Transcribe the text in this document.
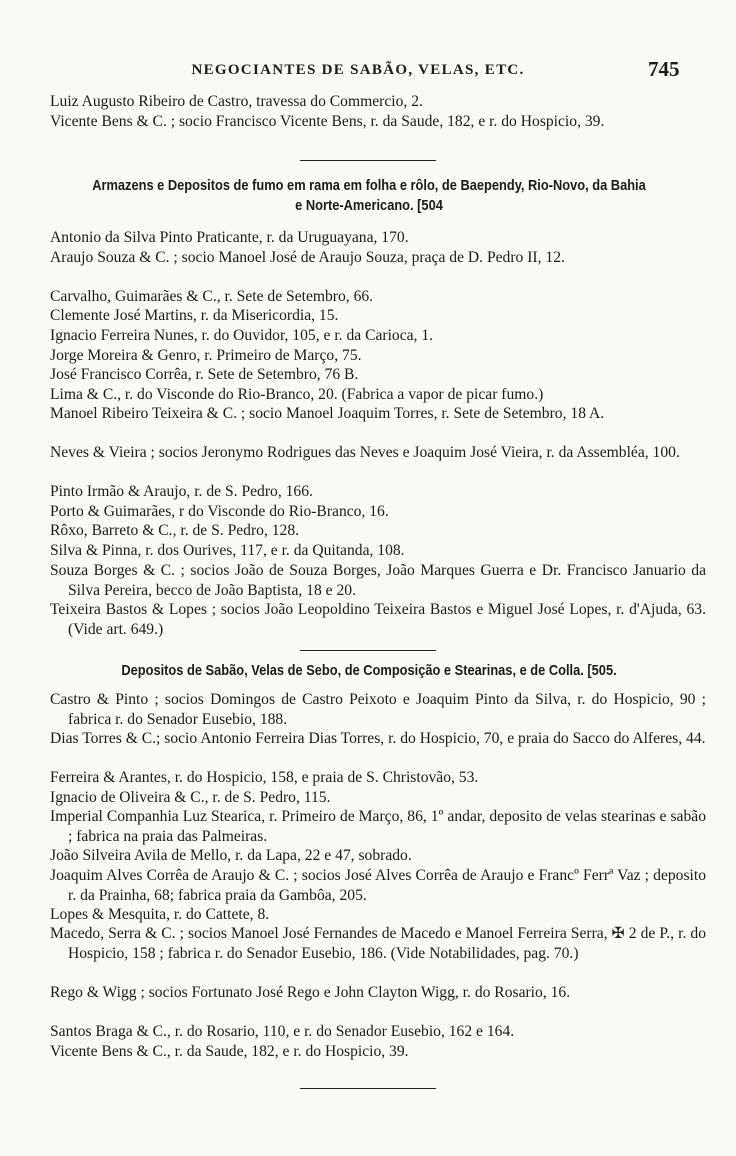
NEGOCIANTES DE SABÃO, VELAS, ETC.	745
Luiz Augusto Ribeiro de Castro, travessa do Commercio, 2.
Vicente Bens & C. ; socio Francisco Vicente Bens, r. da Saude, 182, e r. do Hospicio, 39.
Armazens e Depositos de fumo em rama em folha e rôlo, de Baependy, Rio-Novo, da Bahia e Norte-Americano. [504
Antonio da Silva Pinto Praticante, r. da Uruguayana, 170.
Araujo Souza & C. ; socio Manoel José de Araujo Souza, praça de D. Pedro II, 12.
Carvalho, Guimarães & C., r. Sete de Setembro, 66.
Clemente José Martins, r. da Misericordia, 15.
Ignacio Ferreira Nunes, r. do Ouvidor, 105, e r. da Carioca, 1.
Jorge Moreira & Genro, r. Primeiro de Março, 75.
José Francisco Corrêa, r. Sete de Setembro, 76 B.
Lima & C., r. do Visconde do Rio-Branco, 20. (Fabrica a vapor de picar fumo.)
Manoel Ribeiro Teixeira & C. ; socio Manoel Joaquim Torres, r. Sete de Setembro, 18 A.
Neves & Vieira ; socios Jeronymo Rodrigues das Neves e Joaquim José Vieira, r. da Assembléa, 100.
Pinto Irmão & Araujo, r. de S. Pedro, 166.
Porto & Guimarães, r do Visconde do Rio-Branco, 16.
Rôxo, Barreto & C., r. de S. Pedro, 128.
Silva & Pinna, r. dos Ourives, 117, e r. da Quitanda, 108.
Souza Borges & C. ; socios João de Souza Borges, João Marques Guerra e Dr. Francisco Januario da Silva Pereira, becco de João Baptista, 18 e 20.
Teixeira Bastos & Lopes ; socios João Leopoldino Teixeira Bastos e Miguel José Lopes, r. d'Ajuda, 63. (Vide art. 649.)
Depositos de Sabão, Velas de Sebo, de Composição e Stearinas, e de Colla. [505.
Castro & Pinto ; socios Domingos de Castro Peixoto e Joaquim Pinto da Silva, r. do Hospicio, 90 ; fabrica r. do Senador Eusebio, 188.
Dias Torres & C.; socio Antonio Ferreira Dias Torres, r. do Hospicio, 70, e praia do Sacco do Alferes, 44.
Ferreira & Arantes, r. do Hospicio, 158, e praia de S. Christovão, 53.
Ignacio de Oliveira & C., r. de S. Pedro, 115.
Imperial Companhia Luz Stearica, r. Primeiro de Março, 86, 1º andar, deposito de velas stearinas e sabão ; fabrica na praia das Palmeiras.
João Silveira Avila de Mello, r. da Lapa, 22 e 47, sobrado.
Joaquim Alves Corrêa de Araujo & C. ; socios José Alves Corrêa de Araujo e Francº Ferrª Vaz ; deposito r. da Prainha, 68; fabrica praia da Gambôa, 205.
Lopes & Mesquita, r. do Cattete, 8.
Macedo, Serra & C. ; socios Manoel José Fernandes de Macedo e Manoel Ferreira Serra, ✠ 2 de P., r. do Hospicio, 158 ; fabrica r. do Senador Eusebio, 186. (Vide Notabilidades, pag. 70.)
Rego & Wigg ; socios Fortunato José Rego e John Clayton Wigg, r. do Rosario, 16.
Santos Braga & C., r. do Rosario, 110, e r. do Senador Eusebio, 162 e 164.
Vicente Bens & C., r. da Saude, 182, e r. do Hospicio, 39.
